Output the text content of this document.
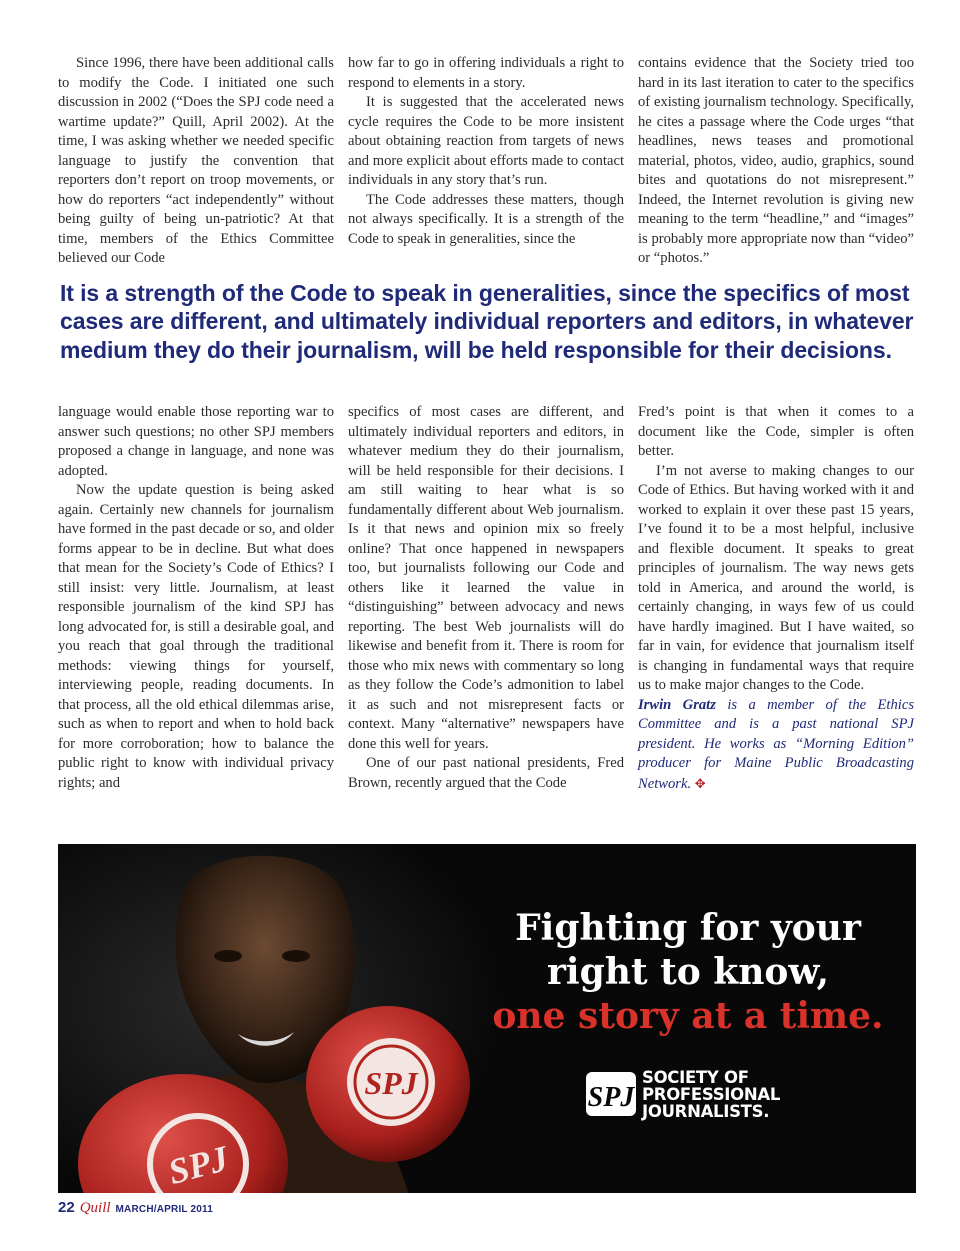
Since 1996, there have been additional calls to modify the Code. I initiated one such discussion in 2002 (“Does the SPJ code need a wartime update?” Quill, April 2002). At the time, I was asking whether we needed specific language to justify the convention that reporters don’t report on troop movements, or how do reporters “act independently” without being guilty of being un-patriotic? At that time, members of the Ethics Committee believed our Code

how far to go in offering individuals a right to respond to elements in a story.

It is suggested that the accelerated news cycle requires the Code to be more insistent about obtaining reaction from targets of news and more explicit about efforts made to contact individuals in any story that’s run.

The Code addresses these matters, though not always specifically. It is a strength of the Code to speak in generalities, since the

contains evidence that the Society tried too hard in its last iteration to cater to the specifics of existing journalism technology. Specifically, he cites a passage where the Code urges “that headlines, news teases and promotional material, photos, video, audio, graphics, sound bites and quotations do not misrepresent.” Indeed, the Internet revolution is giving new meaning to the term “headline,” and “images” is probably more appropriate now than “video” or “photos.”

It is a strength of the Code to speak in generalities, since the specifics of most cases are different, and ultimately individual reporters and editors, in whatever medium they do their journalism, will be held responsible for their decisions.

language would enable those reporting war to answer such questions; no other SPJ members proposed a change in language, and none was adopted.

Now the update question is being asked again. Certainly new channels for journalism have formed in the past decade or so, and older forms appear to be in decline. But what does that mean for the Society’s Code of Ethics? I still insist: very little. Journalism, at least responsible journalism of the kind SPJ has long advocated for, is still a desirable goal, and you reach that goal through the traditional methods: viewing things for yourself, interviewing people, reading documents. In that process, all the old ethical dilemmas arise, such as when to report and when to hold back for more corroboration; how to balance the public right to know with individual privacy rights; and

specifics of most cases are different, and ultimately individual reporters and editors, in whatever medium they do their journalism, will be held responsible for their decisions. I am still waiting to hear what is so fundamentally different about Web journalism. Is it that news and opinion mix so freely online? That once happened in newspapers too, but journalists following our Code and others like it learned the value in “distinguishing” between advocacy and news reporting. The best Web journalists will do likewise and benefit from it. There is room for those who mix news with commentary so long as they follow the Code’s admonition to label it as such and not misrepresent facts or context. Many “alternative” newspapers have done this well for years.

One of our past national presidents, Fred Brown, recently argued that the Code

Fred’s point is that when it comes to a document like the Code, simpler is often better.

I’m not averse to making changes to our Code of Ethics. But having worked with it and worked to explain it over these past 15 years, I’ve found it to be a most helpful, inclusive and flexible document. It speaks to great principles of journalism. The way news gets told in America, and around the world, is certainly changing, in ways few of us could have hardly imagined. But I have waited, so far in vain, for evidence that journalism itself is changing in fundamental ways that require us to make major changes to the Code.

Irwin Gratz is a member of the Ethics Committee and is a past national SPJ president. He works as “Morning Edition” producer for Maine Public Broadcasting Network. ✥

SPJ
SPJ
Fighting for your
right to know,
one story at a time.
SPJ
SOCIETY OF
PROFESSIONAL
JOURNALISTS.
22 Quill MARCH/APRIL 2011
